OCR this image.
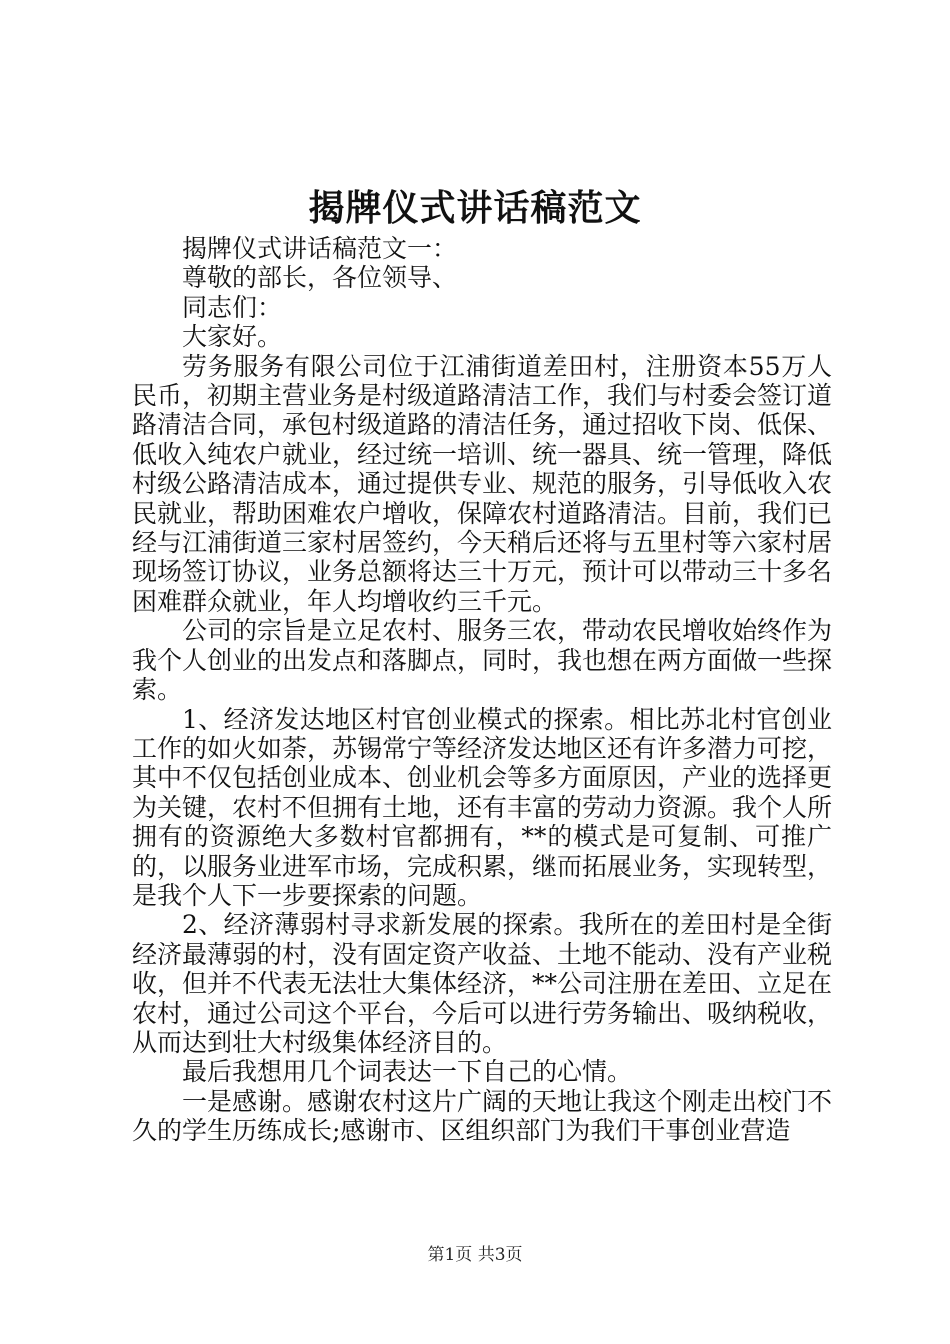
揭牌仪式讲话稿范文

揭牌仪式讲话稿范文一：

尊敬的部长，各位领导、

同志们：

大家好。

劳务服务有限公司位于江浦街道差田村，注册资本55万人民币，初期主营业务是村级道路清洁工作，我们与村委会签订道路清洁合同，承包村级道路的清洁任务，通过招收下岗、低保、低收入纯农户就业，经过统一培训、统一器具、统一管理，降低村级公路清洁成本，通过提供专业、规范的服务，引导低收入农民就业，帮助困难农户增收，保障农村道路清洁。目前，我们已经与江浦街道三家村居签约，今天稍后还将与五里村等六家村居现场签订协议，业务总额将达三十万元，预计可以带动三十多名困难群众就业，年人均增收约三千元。

公司的宗旨是立足农村、服务三农，带动农民增收始终作为我个人创业的出发点和落脚点，同时，我也想在两方面做一些探索。

1、经济发达地区村官创业模式的探索。相比苏北村官创业工作的如火如荼，苏锡常宁等经济发达地区还有许多潜力可挖，其中不仅包括创业成本、创业机会等多方面原因，产业的选择更为关键，农村不但拥有土地，还有丰富的劳动力资源。我个人所拥有的资源绝大多数村官都拥有，**的模式是可复制、可推广的，以服务业进军市场，完成积累，继而拓展业务，实现转型，是我个人下一步要探索的问题。

2、经济薄弱村寻求新发展的探索。我所在的差田村是全街经济最薄弱的村，没有固定资产收益、土地不能动、没有产业税收，但并不代表无法壮大集体经济，**公司注册在差田、立足在农村，通过公司这个平台，今后可以进行劳务输出、吸纳税收，从而达到壮大村级集体经济目的。

最后我想用几个词表达一下自己的心情。

一是感谢。感谢农村这片广阔的天地让我这个刚走出校门不久的学生历练成长;感谢市、区组织部门为我们干事创业营造

第1页 共3页
